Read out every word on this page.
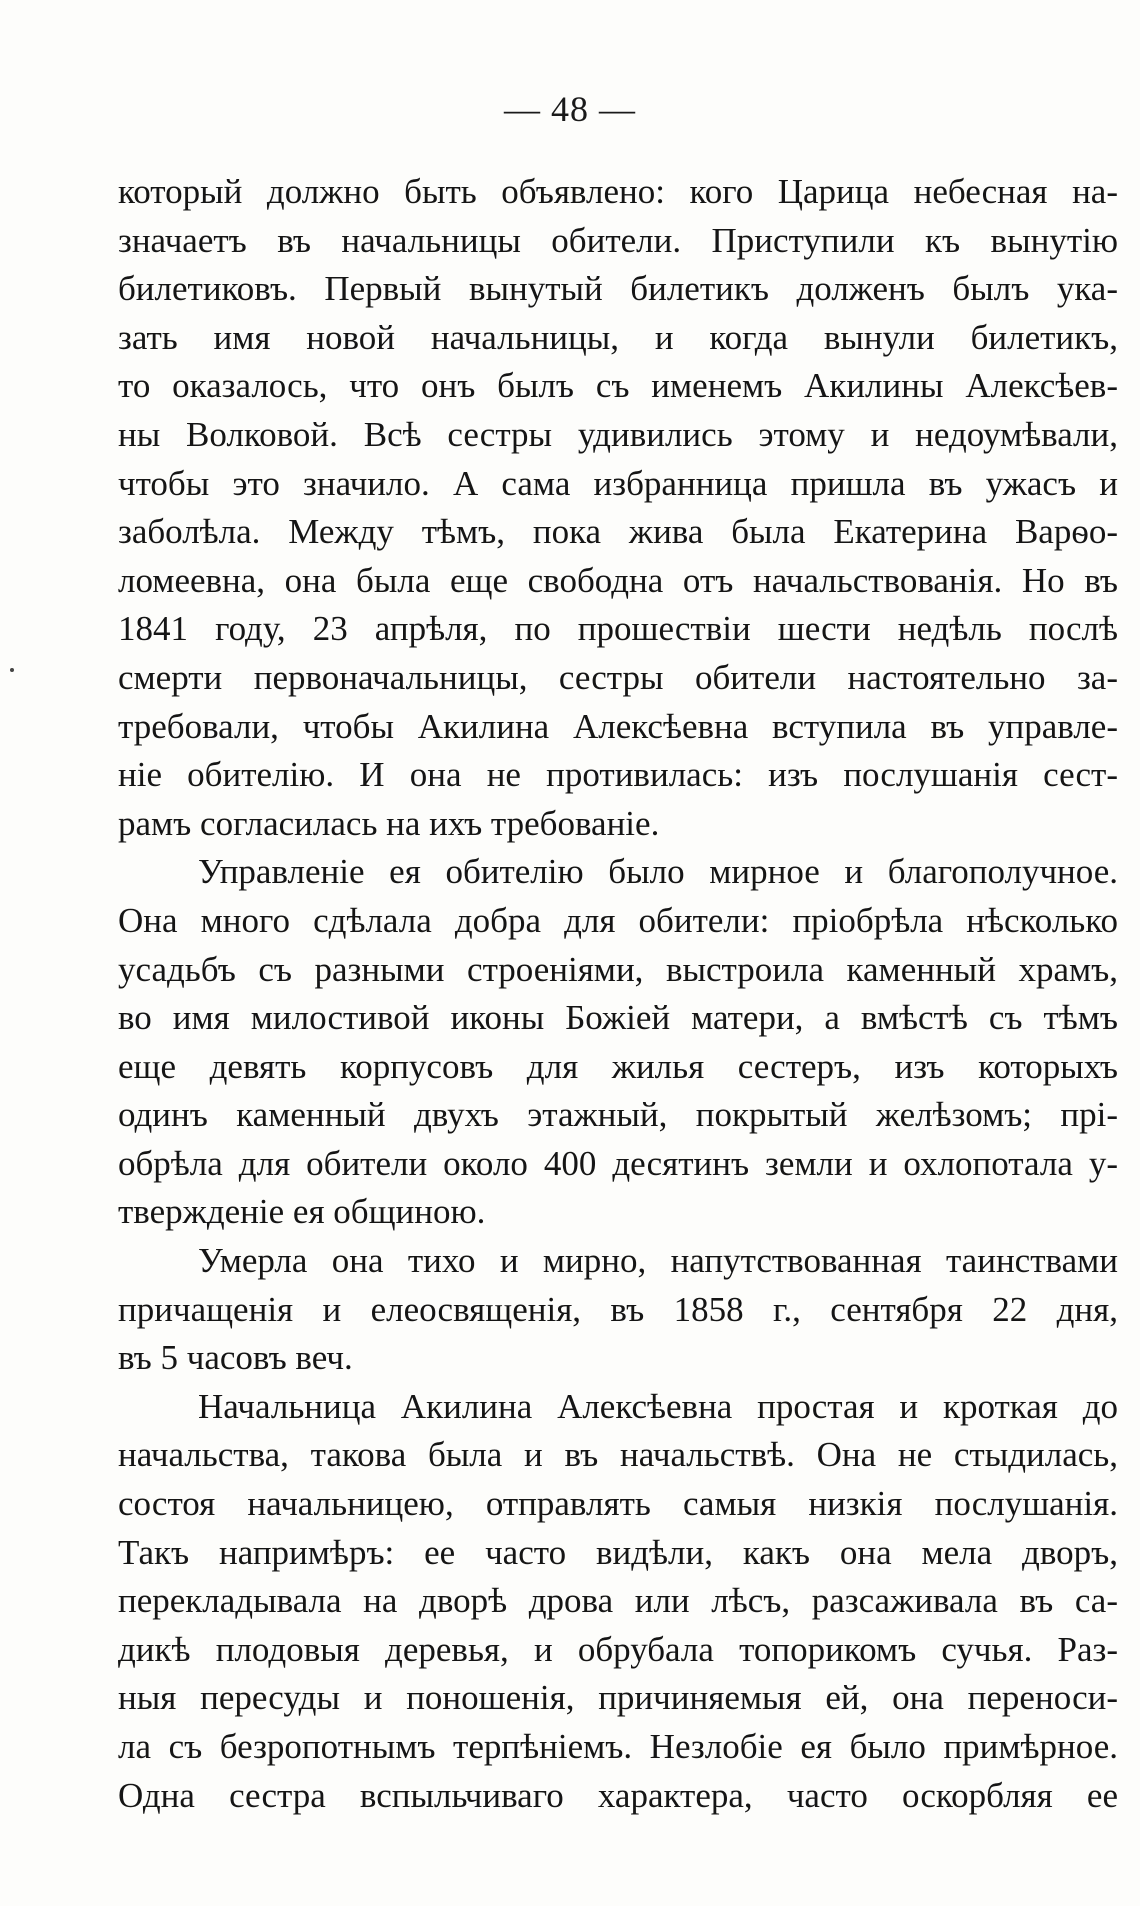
— 48 —
который должно быть объявлено: кого Царица небесная на-
значаетъ въ начальницы обители. Приступили къ вынутію
билетиковъ. Первый вынутый билетикъ долженъ былъ ука-
зать имя новой начальницы, и когда вынули билетикъ,
то оказалось, что онъ былъ съ именемъ Акилины Алексѣев-
ны Волковой. Всѣ сестры удивились этому и недоумѣвали,
чтобы это значило. А сама избранница пришла въ ужасъ и
заболѣла. Между тѣмъ, пока жива была Екатерина Варѳо-
ломеевна, она была еще свободна отъ начальствованія. Но въ
1841 году, 23 апрѣля, по прошествіи шести недѣль послѣ
смерти первоначальницы, сестры обители настоятельно за-
требовали, чтобы Акилина Алексѣевна вступила въ управле-
ніе обителію. И она не противилась: изъ послушанія сест-
рамъ согласилась на ихъ требованіе.
Управленіе ея обителію было мирное и благополучное.
Она много сдѣлала добра для обители: пріобрѣла нѣсколько
усадьбъ съ разными строеніями, выстроила каменный храмъ,
во имя милостивой иконы Божіей матери, а вмѣстѣ съ тѣмъ
еще девять корпусовъ для жилья сестеръ, изъ которыхъ
одинъ каменный двухъ этажный, покрытый желѣзомъ; прі-
обрѣла для обители около 400 десятинъ земли и охлопотала у-
твержденіе ея общиною.
Умерла она тихо и мирно, напутствованная таинствами
причащенія и елеосвященія, въ 1858 г., сентября 22 дня,
въ 5 часовъ веч.
Начальница Акилина Алексѣевна простая и кроткая до
начальства, такова была и въ начальствѣ. Она не стыдилась,
состоя начальницею, отправлять самыя низкія послушанія.
Такъ напримѣръ: ее часто видѣли, какъ она мела дворъ,
перекладывала на дворѣ дрова или лѣсъ, разсаживала въ са-
дикѣ плодовыя деревья, и обрубала топорикомъ сучья. Раз-
ныя пересуды и поношенія, причиняемыя ей, она переноси-
ла съ безропотнымъ терпѣніемъ. Незлобіе ея было примѣрное.
Одна сестра вспыльчиваго характера, часто оскорбляя ее
